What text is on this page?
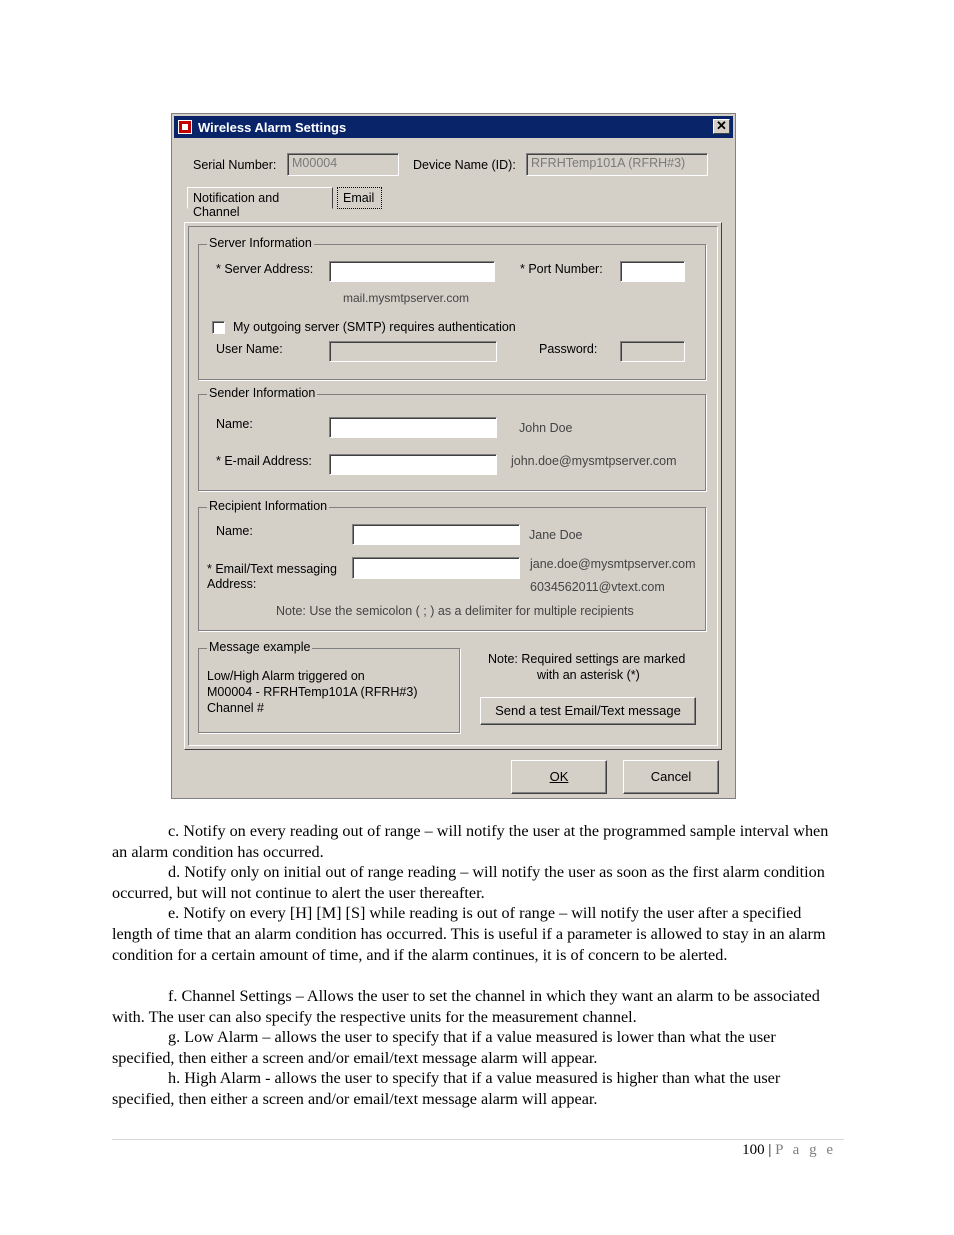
Wireless Alarm Settings	✕
Serial Number:	M00004	Device Name (ID):	RFRHTemp101A (RFRH#3)
Notification and Channel
Email
Server Information
* Server Address:
mail.mysmtpserver.com
* Port Number:
My outgoing server (SMTP) requires authentication
User Name:	Password:
Sender Information
Name:	John Doe
* E-mail Address:	john.doe@mysmtpserver.com
Recipient Information
Name:	Jane Doe
* Email/Text messaging
Address:
jane.doe@mysmtpserver.com
6034562011@vtext.com
Note: Use the semicolon ( ; ) as a delimiter for multiple recipients
Message example
Low/High Alarm triggered on
M00004 - RFRHTemp101A (RFRH#3)
Channel #
Note: Required settings are marked
with an asterisk (*)
Send a test Email/Text message
OK	Cancel

c. Notify on every reading out of range – will notify the user at the programmed sample interval when an alarm condition has occurred.

d. Notify only on initial out of range reading – will notify the user as soon as the first alarm condition occurred, but will not continue to alert the user thereafter.

e. Notify on every [H] [M] [S] while reading is out of range – will notify the user after a specified length of time that an alarm condition has occurred. This is useful if a parameter is allowed to stay in an alarm condition for a certain amount of time, and if the alarm continues, it is of concern to be alerted.

f. Channel Settings – Allows the user to set the channel in which they want an alarm to be associated with. The user can also specify the respective units for the measurement channel.

g. Low Alarm – allows the user to specify that if a value measured is lower than what the user specified, then either a screen and/or email/text message alarm will appear.

h. High Alarm - allows the user to specify that if a value measured is higher than what the user specified, then either a screen and/or email/text message alarm will appear.

100 | P a g e
